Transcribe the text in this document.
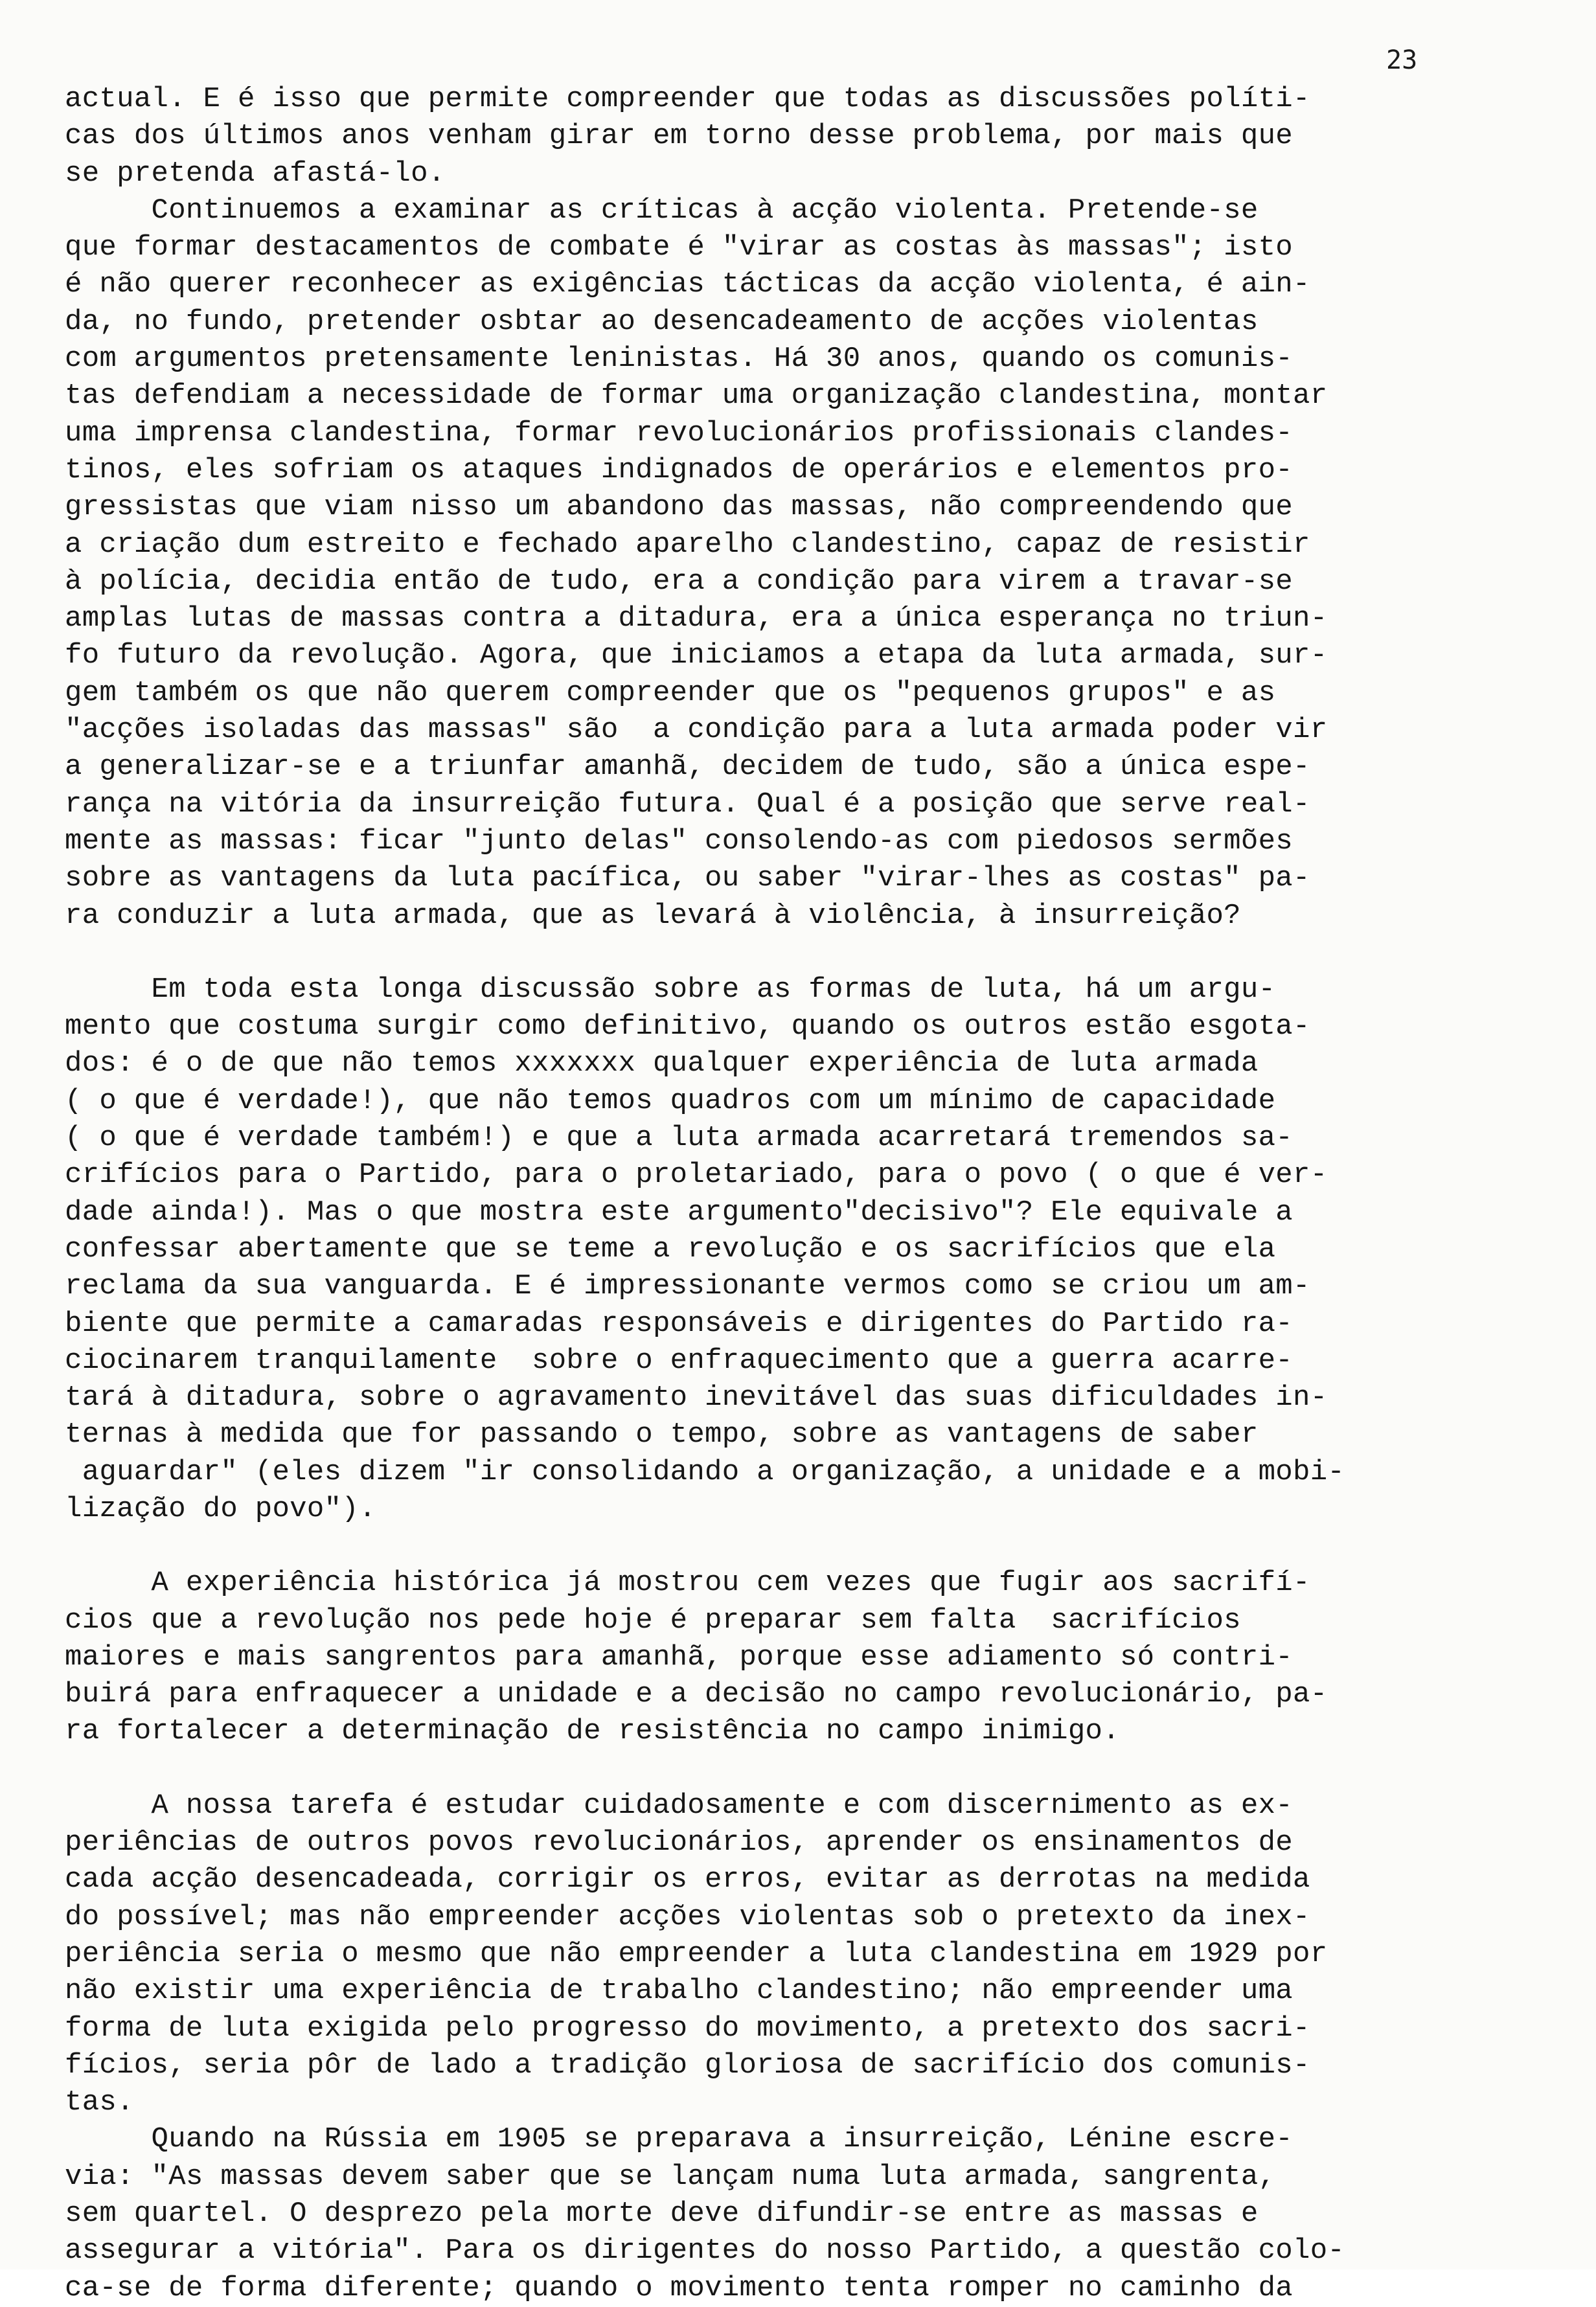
23
actual. E é isso que permite compreender que todas as discussões políti-
cas dos últimos anos venham girar em torno desse problema, por mais que
se pretenda afastá-lo.
Continuemos a examinar as críticas à acção violenta. Pretende-se
que formar destacamentos de combate é "virar as costas às massas"; isto
é não querer reconhecer as exigências tácticas da acção violenta, é ain-
da, no fundo, pretender osbtar ao desencadeamento de acções violentas
com argumentos pretensamente leninistas. Há 30 anos, quando os comunis-
tas defendiam a necessidade de formar uma organização clandestina, montar
uma imprensa clandestina, formar revolucionários profissionais clandes-
tinos, eles sofriam os ataques indignados de operários e elementos pro-
gressistas que viam nisso um abandono das massas, não compreendendo que
a criação dum estreito e fechado aparelho clandestino, capaz de resistir
à polícia, decidia então de tudo, era a condição para virem a travar-se
amplas lutas de massas contra a ditadura, era a única esperança no triun-
fo futuro da revolução. Agora, que iniciamos a etapa da luta armada, sur-
gem também os que não querem compreender que os "pequenos grupos" e as
"acções isoladas das massas" são  a condição para a luta armada poder vir
a generalizar-se e a triunfar amanhã, decidem de tudo, são a única espe-
rança na vitória da insurreição futura. Qual é a posição que serve real-
mente as massas: ficar "junto delas" consolendo-as com piedosos sermões
sobre as vantagens da luta pacífica, ou saber "virar-lhes as costas" pa-
ra conduzir a luta armada, que as levará à violência, à insurreição?
Em toda esta longa discussão sobre as formas de luta, há um argu-
mento que costuma surgir como definitivo, quando os outros estão esgota-
dos: é o de que não temos xxxxxxx qualquer experiência de luta armada
( o que é verdade!), que não temos quadros com um mínimo de capacidade
( o que é verdade também!) e que a luta armada acarretará tremendos sa-
crifícios para o Partido, para o proletariado, para o povo ( o que é ver-
dade ainda!). Mas o que mostra este argumento"decisivo"? Ele equivale a
confessar abertamente que se teme a revolução e os sacrifícios que ela
reclama da sua vanguarda. E é impressionante vermos como se criou um am-
biente que permite a camaradas responsáveis e dirigentes do Partido ra-
ciocinarem tranquilamente  sobre o enfraquecimento que a guerra acarre-
tará à ditadura, sobre o agravamento inevitável das suas dificuldades in-
ternas à medida que for passando o tempo, sobre as vantagens de saber
aguardar" (eles dizem "ir consolidando a organização, a unidade e a mobi-
lização do povo").
A experiência histórica já mostrou cem vezes que fugir aos sacrifí-
cios que a revolução nos pede hoje é preparar sem falta  sacrifícios
maiores e mais sangrentos para amanhã, porque esse adiamento só contri-
buirá para enfraquecer a unidade e a decisão no campo revolucionário, pa-
ra fortalecer a determinação de resistência no campo inimigo.
A nossa tarefa é estudar cuidadosamente e com discernimento as ex-
periências de outros povos revolucionários, aprender os ensinamentos de
cada acção desencadeada, corrigir os erros, evitar as derrotas na medida
do possível; mas não empreender acções violentas sob o pretexto da inex-
periência seria o mesmo que não empreender a luta clandestina em 1929 por
não existir uma experiência de trabalho clandestino; não empreender uma
forma de luta exigida pelo progresso do movimento, a pretexto dos sacri-
fícios, seria pôr de lado a tradição gloriosa de sacrifício dos comunis-
tas.
Quando na Rússia em 1905 se preparava a insurreição, Lénine escre-
via: "As massas devem saber que se lançam numa luta armada, sangrenta,
sem quartel. O desprezo pela morte deve difundir-se entre as massas e
assegurar a vitória". Para os dirigentes do nosso Partido, a questão colo-
ca-se de forma diferente; quando o movimento tenta romper no caminho da
